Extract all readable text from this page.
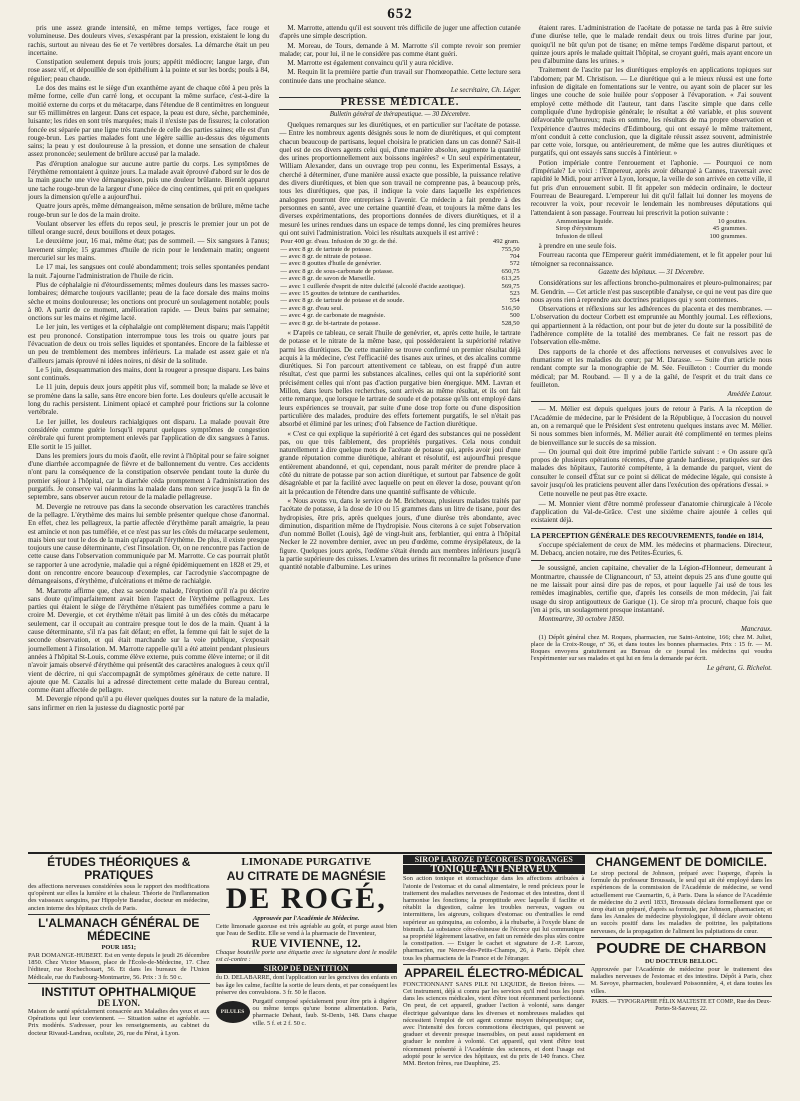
652

pris une assez grande intensité, en même temps vertiges, face rouge et volumineuse. Des douleurs vives, s'exaspérant par la pression, existaient le long du rachis, surtout au niveau des 6e et 7e vertèbres dorsales. La démarche était un peu incertaine.

Constipation seulement depuis trois jours; appétit médiocre; langue large, d'un rose assez vif, et dépouillée de son épithélium à la pointe et sur les bords; pouls à 84, régulier; peau chaude.

Le dos des mains est le siège d'un exanthème ayant de chaque côté à peu près la même forme, celle d'un carré long, et occupant la même surface, c'est-à-dire la moitié externe du corps et du métacarpe, dans l'étendue de 8 centimètres en longueur sur 65 millimètres en largeur. Dans cet espace, la peau est dure, sèche, parcheminée, luisante; les rides en sont très marquées; mais il n'existe pas de fissures; la coloration foncée est séparée par une ligne très tranchée de celle des parties saines; elle est d'un rouge-brun. Les parties malades font une légère saillie au-dessus des téguments sains; la peau y est douloureuse à la pression, et donne une sensation de chaleur assez prononcée; seulement de brûlure accusé par la malade.

Pas d'éruption analogue sur aucune autre partie du corps. Les symptômes de l'érythème remontaient à quinze jours. La malade avait éprouvé d'abord sur le dos de la main gauche une vive démangeaison, puis une douleur brûlante. Bientôt apparut une tache rouge-brun de la largeur d'une pièce de cinq centimes, qui prit en quelques jours la dimension qu'elle a aujourd'hui.

Quatre jours après, même démangeaison, même sensation de brûlure, même tache rouge-brun sur le dos de la main droite.

Voulant observer les effets du repos seul, je prescris le premier jour un pot de tilleul orange sucré, deux bouillons et deux potages.

Le deuxième jour, 16 mai, même état; pas de sommeil. — Six sangsues à l'anus; lavement simple; 15 grammes d'huile de ricin pour le lendemain matin; onguent mercuriel sur les mains.

Le 17 mai, les sangsues ont coulé abondamment; trois selles spontanées pendant la nuit. J'ajourne l'administration de l'huile de ricin.

Plus de céphalalgie ni d'étourdissements; mêmes douleurs dans les masses sacro-lombaires; démarche toujours vacillante; peau de la face dorsale des mains moins sèche et moins douloureuse; les onctions ont procuré un soulagement notable; pouls à 80. A partir de ce moment, amélioration rapide. — Deux bains par semaine; onctions sur les mains et régime lacté.

Le 1er juin, les vertiges et la céphalalgie ont complètement disparu; mais l'appétit est peu prononcé. Constipation interrompue tous les trois ou quatre jours par l'évacuation de deux ou trois selles liquides et spontanées. Encore de la faiblesse et un peu de tremblement des membres inférieurs. La malade est assez gaie et n'a d'ailleurs jamais éprouvé ni idées noires, ni désir de la solitude.

Le 5 juin, desquammation des mains, dont la rougeur a presque disparu. Les bains sont continués.

Le 11 juin, depuis deux jours appétit plus vif, sommeil bon; la malade se lève et se promène dans la salle, sans être encore bien forte. Les douleurs qu'elle accusait le long du rachis persistent. Liniment opiacé et camphré pour frictions sur la colonne vertébrale.

Le 1er juillet, les douleurs rachialgiques ont disparu. La malade pouvait être considérée comme guérie lorsqu'il reparut quelques symptômes de congestion cérébrale qui furent promptement enlevés par l'application de dix sangsues à l'anus. Elle sortit le 15 juillet.

Dans les premiers jours du mois d'août, elle revint à l'hôpital pour se faire soigner d'une diarrhée accompagnée de fièvre et de ballonnement du ventre. Ces accidents n'ont paru la conséquence de la constipation observée pendant toute la durée du premier séjour à l'hôpital, car la diarrhée céda promptement à l'administration des purgatifs. Je conserve vai néanmoins la malade dans mon service jusqu'à la fin de septembre, sans observer aucun retour de la maladie pellagreuse.

M. Devergie ne retrouve pas dans la seconde observation les caractères tranchés de la pellagre. L'érythème des mains lui semble présenter quelque chose d'anormal. En effet, chez les pellagreux, la partie affectée d'érythème paraît amaigrie, la peau est amincie et non pas tuméfiée, et ce n'est pas sur les côtés du métacarpe seulement, mais bien sur tout le dos de la main qu'apparaît l'érythème. De plus, il existe presque toujours une cause déterminante, c'est l'insolation. Or, on ne rencontre pas l'action de cette cause dans l'observation communiquée par M. Marrotte. Ce cas pourrait plutôt se rapporter à une acrodynie, maladie qui a régné épidémiquement en 1828 et 29, et dont on rencontre encore beaucoup d'exemples, car l'acrodynie s'accompagne de démangeaisons, d'érythème, d'ulcérations et même de rachialgie.

M. Marrotte affirme que, chez sa seconde malade, l'éruption qu'il n'a pu décrire sans doute qu'imparfaitement avait bien l'aspect de l'érythème pellagreux. Les parties qui étaient le siège de l'érythème n'étaient pas tuméfiées comme a paru le croire M. Devergie, et cet érythème n'était pas limité à un des côtés du métacarpe seulement, car il occupait au contraire presque tout le dos de la main. Quant à la cause déterminante, s'il n'a pas fait défaut; en effet, la femme qui fait le sujet de la seconde observation, et qui était marchande sur la voie publique, s'exposait journellement à l'insolation. M. Marrotte rappelle qu'il a été atteint pendant plusieurs années à l'hôpital St-Louis, comme élève externe, puis comme élève interne; or il dit n'avoir jamais observé d'érythème qui présentât des caractères analogues à ceux qu'il vient de décrire, ni qui s'accompagnât de symptômes généraux de cette nature. Il ajoute que M. Cazalis lui a adressé directement cette malade du Bureau central, comme étant affectée de pellagre.

M. Devergie répond qu'il a pu élever quelques doutes sur la nature de la maladie, sans infirmer en rien la justesse du diagnostic porté par

M. Marrotte, attendu qu'il est souvent très difficile de juger une affection cutanée d'après une simple description.

M. Moreau, de Tours, demande à M. Marrotte s'il compte revoir son premier malade; car, pour lui, il ne le considère pas comme étant guéri.

M. Marrotte est également convaincu qu'il y aura récidive.

M. Requin lit la première partie d'un travail sur l'homœopathie. Cette lecture sera continuée dans une prochaine séance.

Le secrétaire, Ch. Léger.

PRESSE MÉDICALE.
Bulletin général de thérapeutique. — 30 Décembre.

Quelques remarques sur les diurétiques, et en particulier sur l'acétate de potasse. — Entre les nombreux agents désignés sous le nom de diurétiques, et qui comptent chacun beaucoup de partisans, lequel choisira le praticien dans un cas donné? Sait-il quel est de ces divers agents celui qui, d'une manière absolue, augmente la quantité des urines proportionnellement aux boissons ingérées? « Un seul expérimentateur, William Alexander, dans un ouvrage trop peu connu, les Experimental Essays, a cherché à déterminer, d'une manière aussi exacte que possible, la puissance relative des divers diurétiques, et bien que son travail ne comprenne pas, à beaucoup près, tous les diurétiques, que pas, il indique la voie dans laquelle les expériences analogues pourront être entreprises à l'avenir. Ce médecin a fait prendre à des personnes en santé, avec une certaine quantité d'eau, et toujours la même dans les diverses expérimentations, des proportions données de divers diurétiques, et il a mesuré les urines rendues dans un espace de temps donné, les cinq premières heures qui ont suivi l'administration. Voici les résultats auxquels il est arrivé :

Pour 400 gr. d'eau. Infusion de 30 gr. de thé.	492 gram.
— avec 8 gr. de tartrate de potasse.	755,50
— avec 8 gr. de nitrate de potasse.	704
— avec 8 gouttes d'huile de genévrier.	572
— avec 8 gr. de sous-carbonate de potasse.	650,75
— avec 8 gr. de savon de Marseille.	613,25
— avec 1 cuillerée d'esprit de nitre dulcifié (alcoolé d'acide azotique).	569,75
— avec 15 gouttes de teinture de cantharides.	523
— avec 8 gr. de tartrate de potasse et de soude.	554
— avec 8 gr. d'eau seul.	516,50
— avec 4 gr. de carbonate de magnésie.	500
— avec 8 gr. de bi-tartrate de potasse.	528,50

« D'après ce tableau, ce serait l'huile de genévrier, et, après cette huile, le tartrate de potasse et le nitrate de la même base, qui posséderaient la supériorité relative parmi les diurétiques. De cette manière se trouve confirmé un premier résultat déjà acquis à la médecine, c'est l'efficacité des tisanes aux urines, et des alcalins comme diurétiques. Si l'on parcourt attentivement ce tableau, on est frappé d'un autre résultat, c'est que parmi les substances alcalines, celles qui ont la supériorité sont précisément celles qui n'ont pas d'action purgative bien énergique. MM. Lavran et Millon, dans leurs belles recherches, sont arrivés au même résultat, et ils ont fait cette remarque, que lorsque le tartrate de soude et de potasse qu'ils ont employé dans leurs expériences se trouvait, par suite d'une dose trop forte ou d'une disposition particulière des malades, produire des effets fortement purgatifs, le sel n'était pas absorbé et éliminé par les urines; d'où l'absence de l'action diurétique.

« C'est ce qui explique la supériorité à cet égard des substances qui ne possèdent pas, ou que très faiblement, des propriétés purgatives. Cela nous conduit naturellement à dire quelque mots de l'acétate de potasse qui, après avoir joui d'une grande réputation comme diurétique, altérant et résolutif, est aujourd'hui presque entièrement abandonné, et qui, cependant, nous paraît mériter de prendre place à côté du nitrate de potasse par son action diurétique, et surtout par l'absence de goût désagréable et par la facilité avec laquelle on peut en élever la dose, pouvant qu'on ait la précaution de l'étendre dans une quantité suffisante de véhicule.

« Nous avons vu, dans le service de M. Bricheteau, plusieurs malades traités par l'acétate de potasse, à la dose de 10 ou 15 grammes dans un litre de tisane, pour des hydropisies, être pris, après quelques jours, d'une diurèse très abondante, avec diminution, disparition même de l'hydropisie. Nous citerons à ce sujet l'observation d'un nommé Bollet (Louis), âgé de vingt-huit ans, ferblantier, qui entra à l'hôpital Necker le 22 novembre dernier, avec un peu d'œdème, comme érysipélateux, de la figure. Quelques jours après, l'œdème s'était étendu aux membres inférieurs jusqu'à la partie supérieure des cuisses. L'examen des urines fit reconnaître la présence d'une quantité notable d'albumine. Les urines

étaient rares. L'administration de l'acétate de potasse ne tarda pas à être suivie d'une diurèse telle, que le malade rendait deux ou trois litres d'urine par jour, quoiqu'il ne bût qu'un pot de tisane; en même temps l'œdème disparut partout, et quinze jours après le malade quittait l'hôpital, se croyant guéri, mais ayant encore un peu d'albumine dans les urines. »

Traitement de l'ascite par les diurétiques employés en applications topiques sur l'abdomen; par M. Christison. — Le diurétique qui a le mieux réussi est une forte infusion de digitale en fomentations sur le ventre, ou ayant soin de placer sur les linges une couche de soie huilée pour s'opposer à l'évaporation. « J'ai souvent employé cette méthode dit l'auteur, tant dans l'ascite simple que dans celle compliquée d'une hydropisie générale; le résultat a été variable, et plus souvent défavorable qu'heureux; mais en somme, les résultats de ma propre observation et l'expérience d'autres médecins d'Edimbourg, qui ont essayé le même traitement, m'ont conduit à cette conclusion, que la digitale réussit assez souvent, administrée par cette voie, lorsque, ou antérieurement, de même que les autres diurétiques et purgatifs, qui ont essayés sans succès à l'intérieur. »

Potion impériale contre l'enrouement et l'aphonie. — Pourquoi ce nom d'impériale? Le voici : l'Empereur, après avoir débarqué à Cannes, traversait avec rapidité le Midi, pour arriver à Lyon, lorsque, la veille de son arrivée en cette ville, il fut pris d'un enrouement subit. Il fit appeler son médecin ordinaire, le docteur Fourreau de Beauregard. L'empereur lui dit qu'il fallait lui donner les moyens de recouvrer la voix, pour recevoir le lendemain les nombreuses députations qui l'attendaient à son passage. Fourreau lui prescrivit la potion suivante :

Ammoniaque liquide.	10 gouttes.
Sirop d'érysimum	45 grammes.
Infusion de tilleul	100 grammes.

à prendre en une seule fois.

Fourreau raconta que l'Empereur guérit immédiatement, et le fit appeler pour lui témoigner sa reconnaissance.

Gazette des hôpitaux. — 31 Décembre.

Considérations sur les affections broncho-pulmonaires et pleuro-pulmonaires; par M. Gendrin. — Cet article n'est pas susceptible d'analyse, ce qui ne veut pas dire que nous ayons rien à reprendre aux doctrines pratiques qui y sont contenues.

Observations et réflexions sur les adhérences du placenta et des membranes. — L'observation du docteur Corbett est empruntée au Monthly journal. Les réflexions, qui appartiennent à la rédaction, ont pour but de jeter du doute sur la possibilité de l'adhérence complète de la totalité des membranes. Ce fait ne ressort pas de l'observation elle-même.

Des rapports de la chorée et des affections nerveuses et convulsives avec le rhumatisme et les maladies du cœur; par M. Darasse. — Suite d'un article nous rendant compte sur la monographie de M. Sée. Feuilleton : Courrier du monde médical; par M. Rouband. — Il y a de la gaîté, de l'esprit et du trait dans ce feuilleton.

Amédée Latour.

— M. Mélier est depuis quelques jours de retour à Paris. A la réception de l'Académie de médecine, par le Président de la République, à l'occasion du nouvel an, on a remarqué que le Président s'est entretenu quelques instans avec M. Mélier. Si nous sommes bien informés, M. Mélier aurait été complimenté en termes pleins de bienveillance sur le succès de sa mission.

— On journal qui doit être imprimé publie l'article suivant : « On assure qu'à propos de plusieurs opérations récentes, d'une grande hardiesse, pratiquées sur des malades des hôpitaux, l'autorité compétente, à la demande du parquet, vient de consulter le conseil d'État sur ce point si délicat de médecine légale, qui consiste à savoir jusqu'où les praticiens peuvent aller dans l'exécution des opérations d'essai. »

Cette nouvelle ne peut pas être exacte.

— M. Monnier vient d'être nommé professeur d'anatomie chirurgicale à l'école d'application du Val-de-Grâce. C'est une sixième chaire ajoutée à celles qui existaient déjà.

LA PERCEPTION GÉNÉRALE DES RECOUVREMENTS, fondée en 1814,

s'occupe spécialement de ceux de MM. les médecins et pharmaciens. Directeur, M. Debacq, ancien notaire, rue des Petites-Écuries, 6.

Je soussigné, ancien capitaine, chevalier de la Légion-d'Honneur, demeurant à Montmartre, chaussée de Clignancourt, nº 53, atteint depuis 25 ans d'une goutte qui ne me laissait pour ainsi dire pas de repos, et pour laquelle j'ai usé de tous les remèdes imaginables, certifie que, d'après les conseils de mon médecin, j'ai fait usage du sirop antigoutteux de Garique (1). Ce sirop m'a procuré, chaque fois que j'en ai pris, un soulagement presque instantané.

Montmartre, 30 octobre 1850.

Mancraux.

(1) Dépôt général chez M. Roques, pharmacien, rue Saint-Antoine, 166; chez M. Juliet, place de la Croix-Rouge, nº 36, et dans toutes les bonnes pharmacies. Prix : 15 fr. — M. Roques envoyera gratuitement au Bureau de ce journal les médecins qui voudra l'expérimenter sur ses malades et qui lui en fera la demande par écrit.

Le gérant, G. Richelot.

ÉTUDES THÉORIQUES & PRATIQUES

des affections nerveuses considérées sous le rapport des modifications qu'opèrent sur elles la lumière et la chaleur. Théorie de l'inflammation des vaisseaux sanguins, par Hippolyte Baraduc, docteur en médecine, ancien interne des hôpitaux civils de Paris.

L'ALMANACH GÉNÉRAL DE MÉDECINE

POUR 1851;

PAR DOMANGE-HUBERT. Est en vente depuis le jeudi 26 décembre 1850. Chez Victor Masson, place de l'École-de-Médecine, 17. Chez l'éditeur, rue Rochechouart, 56. Et dans les bureaux de l'Union Médicale, rue du Faubourg-Montmartre, 56. Prix : 3 fr. 50 c.

INSTITUT OPHTHALMIQUE

DE LYON.

Maison de santé spécialement consacrée aux Maladies des yeux et aux Opérations qui leur conviennent. — Situation saine et agréable. — Prix modérés. S'adresser, pour les renseignements, au cabinet du docteur Rivaud-Landrau, oculiste, 26, rue du Pérat, à Lyon.

LIMONADE PURGATIVE
AU CITRATE DE MAGNÉSIE
DE ROGÉ,

Approuvée par l'Académie de Médecine.

Cette limonade gazeuse est très agréable au goût, et purge aussi bien que l'eau de Sedlitz. Elle se vend à la pharmacie de l'inventeur,

RUE VIVIENNE, 12.

Chaque bouteille porte une étiquette avec la signature dont le modèle est ci-contre :

SIROP DE DENTITION

du D. DELABARRE, dont l'application sur les gencives des enfants en bas âge les calme, facilite la sortie de leurs dents, et par conséquent les préserve des convulsions. 3 fr. 50 le flacon.

PILULES DEHAUT

Purgatif composé spécialement pour être pris à digérer ou même temps qu'une bonne alimentation. Paris, pharmacie Dehaut, faub. St-Denis, 148. Dans chaque ville. 5 f. et 2 f. 50 c.

SIROP LAROZE D'ÉCORCES D'ORANGES
TONIQUE ANTI-NERVEUX

Son action tonique et stomachique dans les affections atribuées à l'atonie de l'estomac et du canal alimentaire, le rend précieux pour le traitement des maladies nerveuses de l'estomac et des intestins, dont il harmonise les fonctions; la promptitude avec laquelle il facilite et rétablit la digestion, calme les troubles nerveux, vagues ou intermittens, les aigreurs, coliques d'estomac ou d'entrailles le rend supérieur au quinquina, au colombo, à la rhubarbe, à l'oxyde blanc de bismuth. La substance céto-résineuse de l'écorce qui lui communique sa propriété légèrement laxative, en fait un remède des plus sûrs contre la constipation. — Exiger le cachet et signature de J.-P. Laroze, pharmacien, rue Neuve-des-Petits-Champs, 26, à Paris. Dépôt chez tous les pharmaciens de la France et de l'étranger.

APPAREIL ÉLECTRO-MÉDICAL

FONCTIONNANT SANS PILE NI LIQUIDE, de Breton frères. — Cet instrument, déjà si connu par les services qu'il rend tous les jours dans les sciences médicales, vient d'être tout récemment perfectionné. On peut, de cet appareil, graduer l'action à volonté, sans danger électrique galvanique dans les diverses et nombreuses maladies qui nécessitent l'emploi de cet agent comme moyen thérapeutique; car, avec l'intensité des forces commotions électriques, qui peuvent se graduer et devenir presque insensibles, on peut aussi rapidement en graduer le nombre à volonté. Cet appareil, qui vient d'être tout récemment présenté à l'Académie des sciences, et dont l'usage est adopté pour le service des hôpitaux, est du prix de 140 francs. Chez MM. Breton frères, rue Dauphine, 25.

CHANGEMENT DE DOMICILE.

Le sirop pectoral de Johnson, préparé avec l'asperge, d'après la formule du professeur Broussais, le seul qui ait été employé dans les expériences de la commission de l'Académie de médecine, se vend actuellement rue Caumartin, 6, à Paris. Dans la séance de l'Académie de médecine du 2 avril 1833, Broussais déclara formellement que ce sirop était un préparé, d'après sa formule, par Johnson, pharmacien; et dans les Annales de médecine physiologique, il déclare avoir obtenu un succès positif dans les maladies de poitrine, les palpitations nerveuses, de la propagation de l'aliment les palpitations de cœur.

POUDRE DE CHARBON

DU DOCTEUR BELLOC.

Approuvée par l'Académie de médecine pour le traitement des maladies nerveuses de l'estomac et des intestins. Dépôt à Paris, chez M. Savoye, pharmacien, boulevard Poissonnière, 4, et dans toutes les villes.

PARIS. — TYPOGRAPHIE FÉLIX MALTESTE ET COMP., Rue des Deux-Portes-St-Sauveur, 22.
